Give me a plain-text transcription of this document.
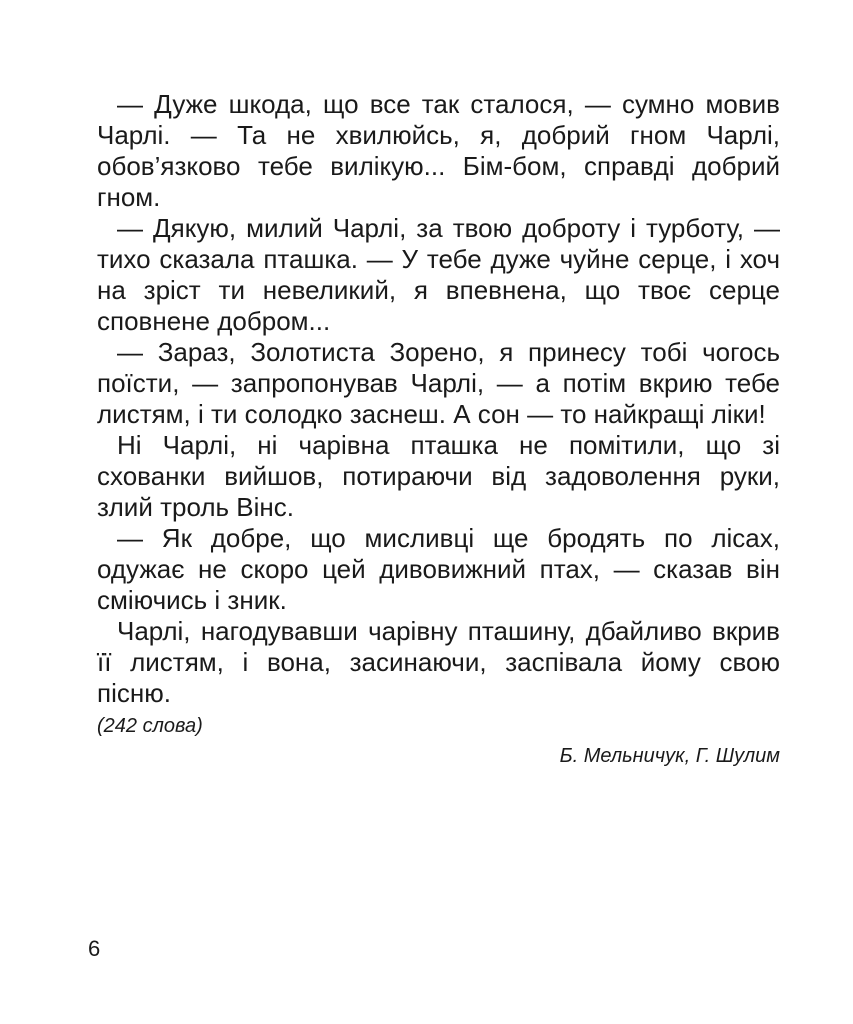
— Дуже шкода, що все так сталося, — сумно мовив Чарлі. — Та не хвилюйсь, я, добрий гном Чарлі, обов’язково тебе вилікую... Бім-бом, справді добрий гном.

— Дякую, милий Чарлі, за твою доброту і турботу, — тихо сказала пташка. — У тебе дуже чуйне серце, і хоч на зріст ти невеликий, я впевнена, що твоє серце сповнене добром...

— Зараз, Золотиста Зорено, я принесу тобі чогось поїсти, — запропонував Чарлі, — а потім вкрию тебе листям, і ти солодко заснеш. А сон — то найкращі ліки!

Ні Чарлі, ні чарівна пташка не помітили, що зі схованки вийшов, потираючи від задоволення руки, злий троль Вінс.

— Як добре, що мисливці ще бродять по лісах, одужає не скоро цей дивовижний птах, — сказав він сміючись і зник.

Чарлі, нагодувавши чарівну пташину, дбайливо вкрив її листям, і вона, засинаючи, заспівала йому свою пісню.

(242 слова)

Б. Мельничук, Г. Шулим

6
